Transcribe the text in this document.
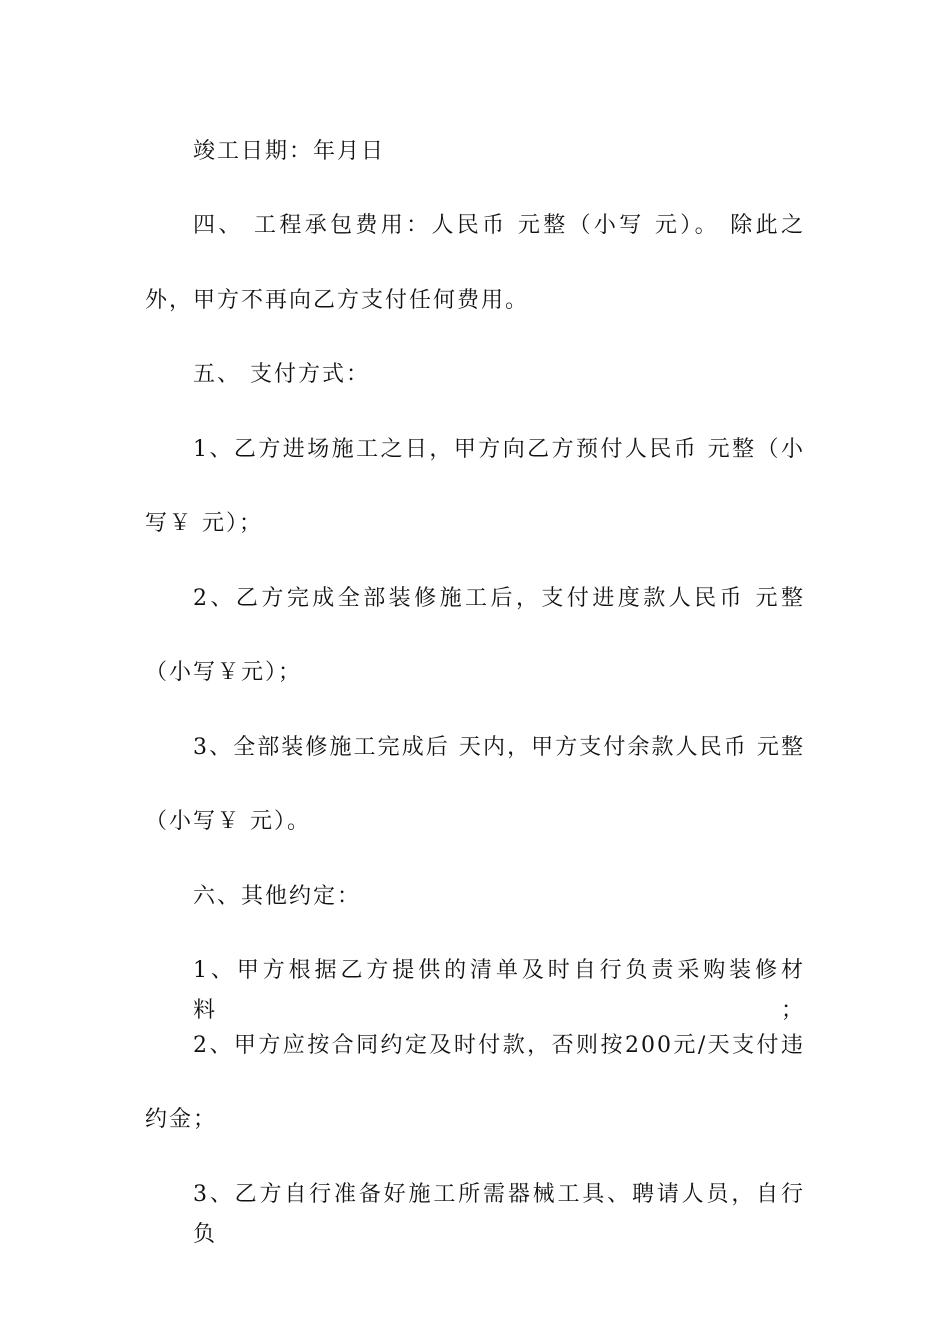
竣工日期：年月日
四、 工程承包费用：人民币 元整（小写 元）。 除此之
外，甲方不再向乙方支付任何费用。
五、 支付方式：
1、乙方进场施工之日，甲方向乙方预付人民币 元整（小
写￥ 元）；
2、乙方完成全部装修施工后，支付进度款人民币 元整
（小写￥元）；
3、全部装修施工完成后 天内，甲方支付余款人民币 元整
（小写￥ 元）。
六、其他约定：
1、甲方根据乙方提供的清单及时自行负责采购装修材料；
2、甲方应按合同约定及时付款，否则按200元/天支付违
约金；
3、乙方自行准备好施工所需器械工具、聘请人员，自行负
